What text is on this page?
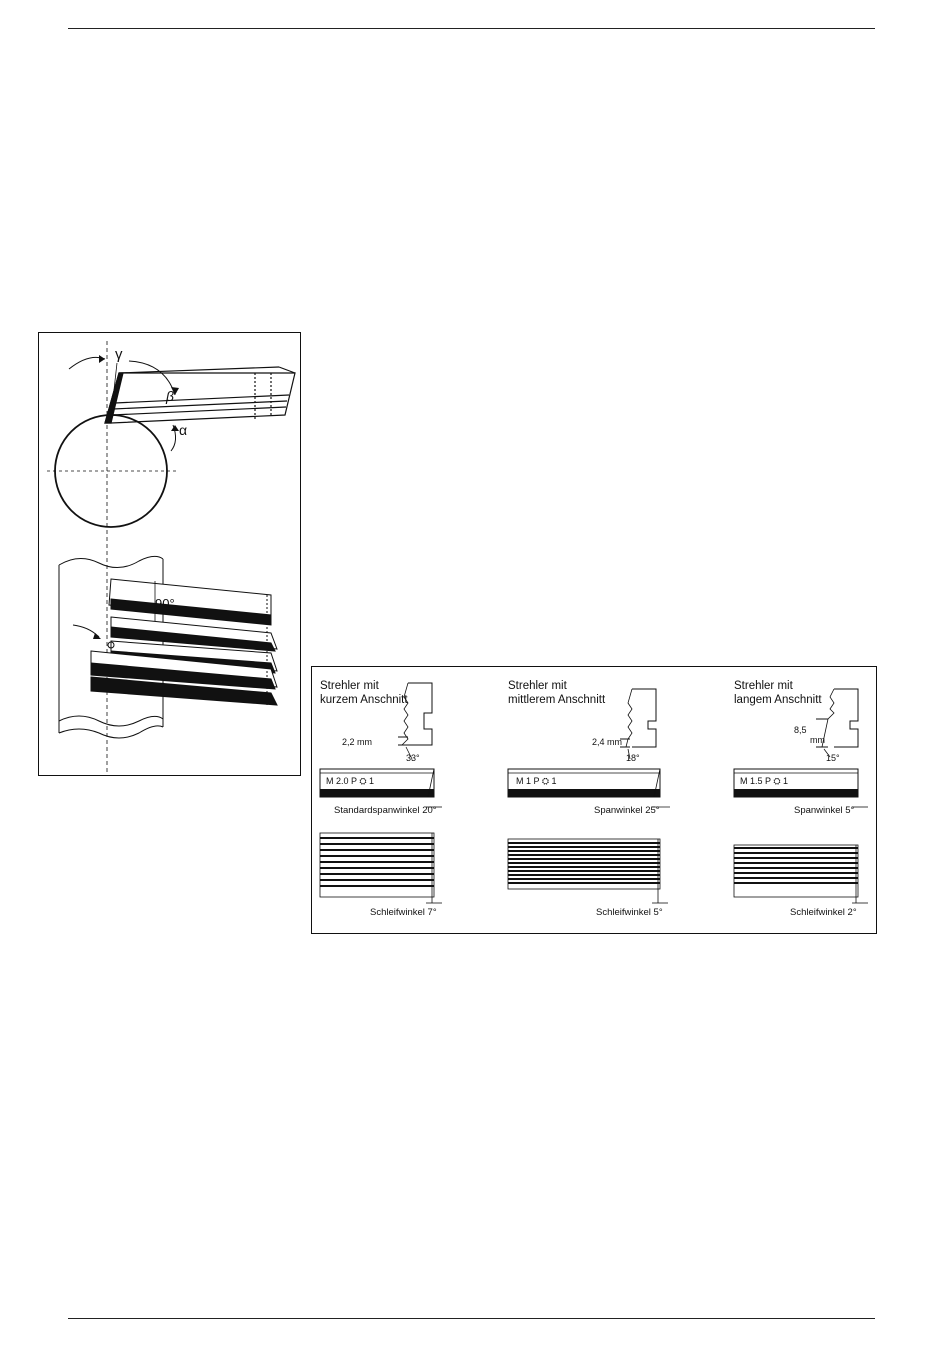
γ
β
α
90°
Strehler mit
kurzem Anschnitt
2,2 mm
33°
M 2.0 P ⛭ 1
Standardspanwinkel 20°
Schleifwinkel 7°
Strehler mit
mittlerem Anschnitt
2,4 mm
18°
M 1 P ⛭ 1
Spanwinkel 25°
Schleifwinkel 5°
Strehler mit
langem Anschnitt
8,5
mm
15°
M 1.5 P ⛭ 1
Spanwinkel 5°
Schleifwinkel 2°
